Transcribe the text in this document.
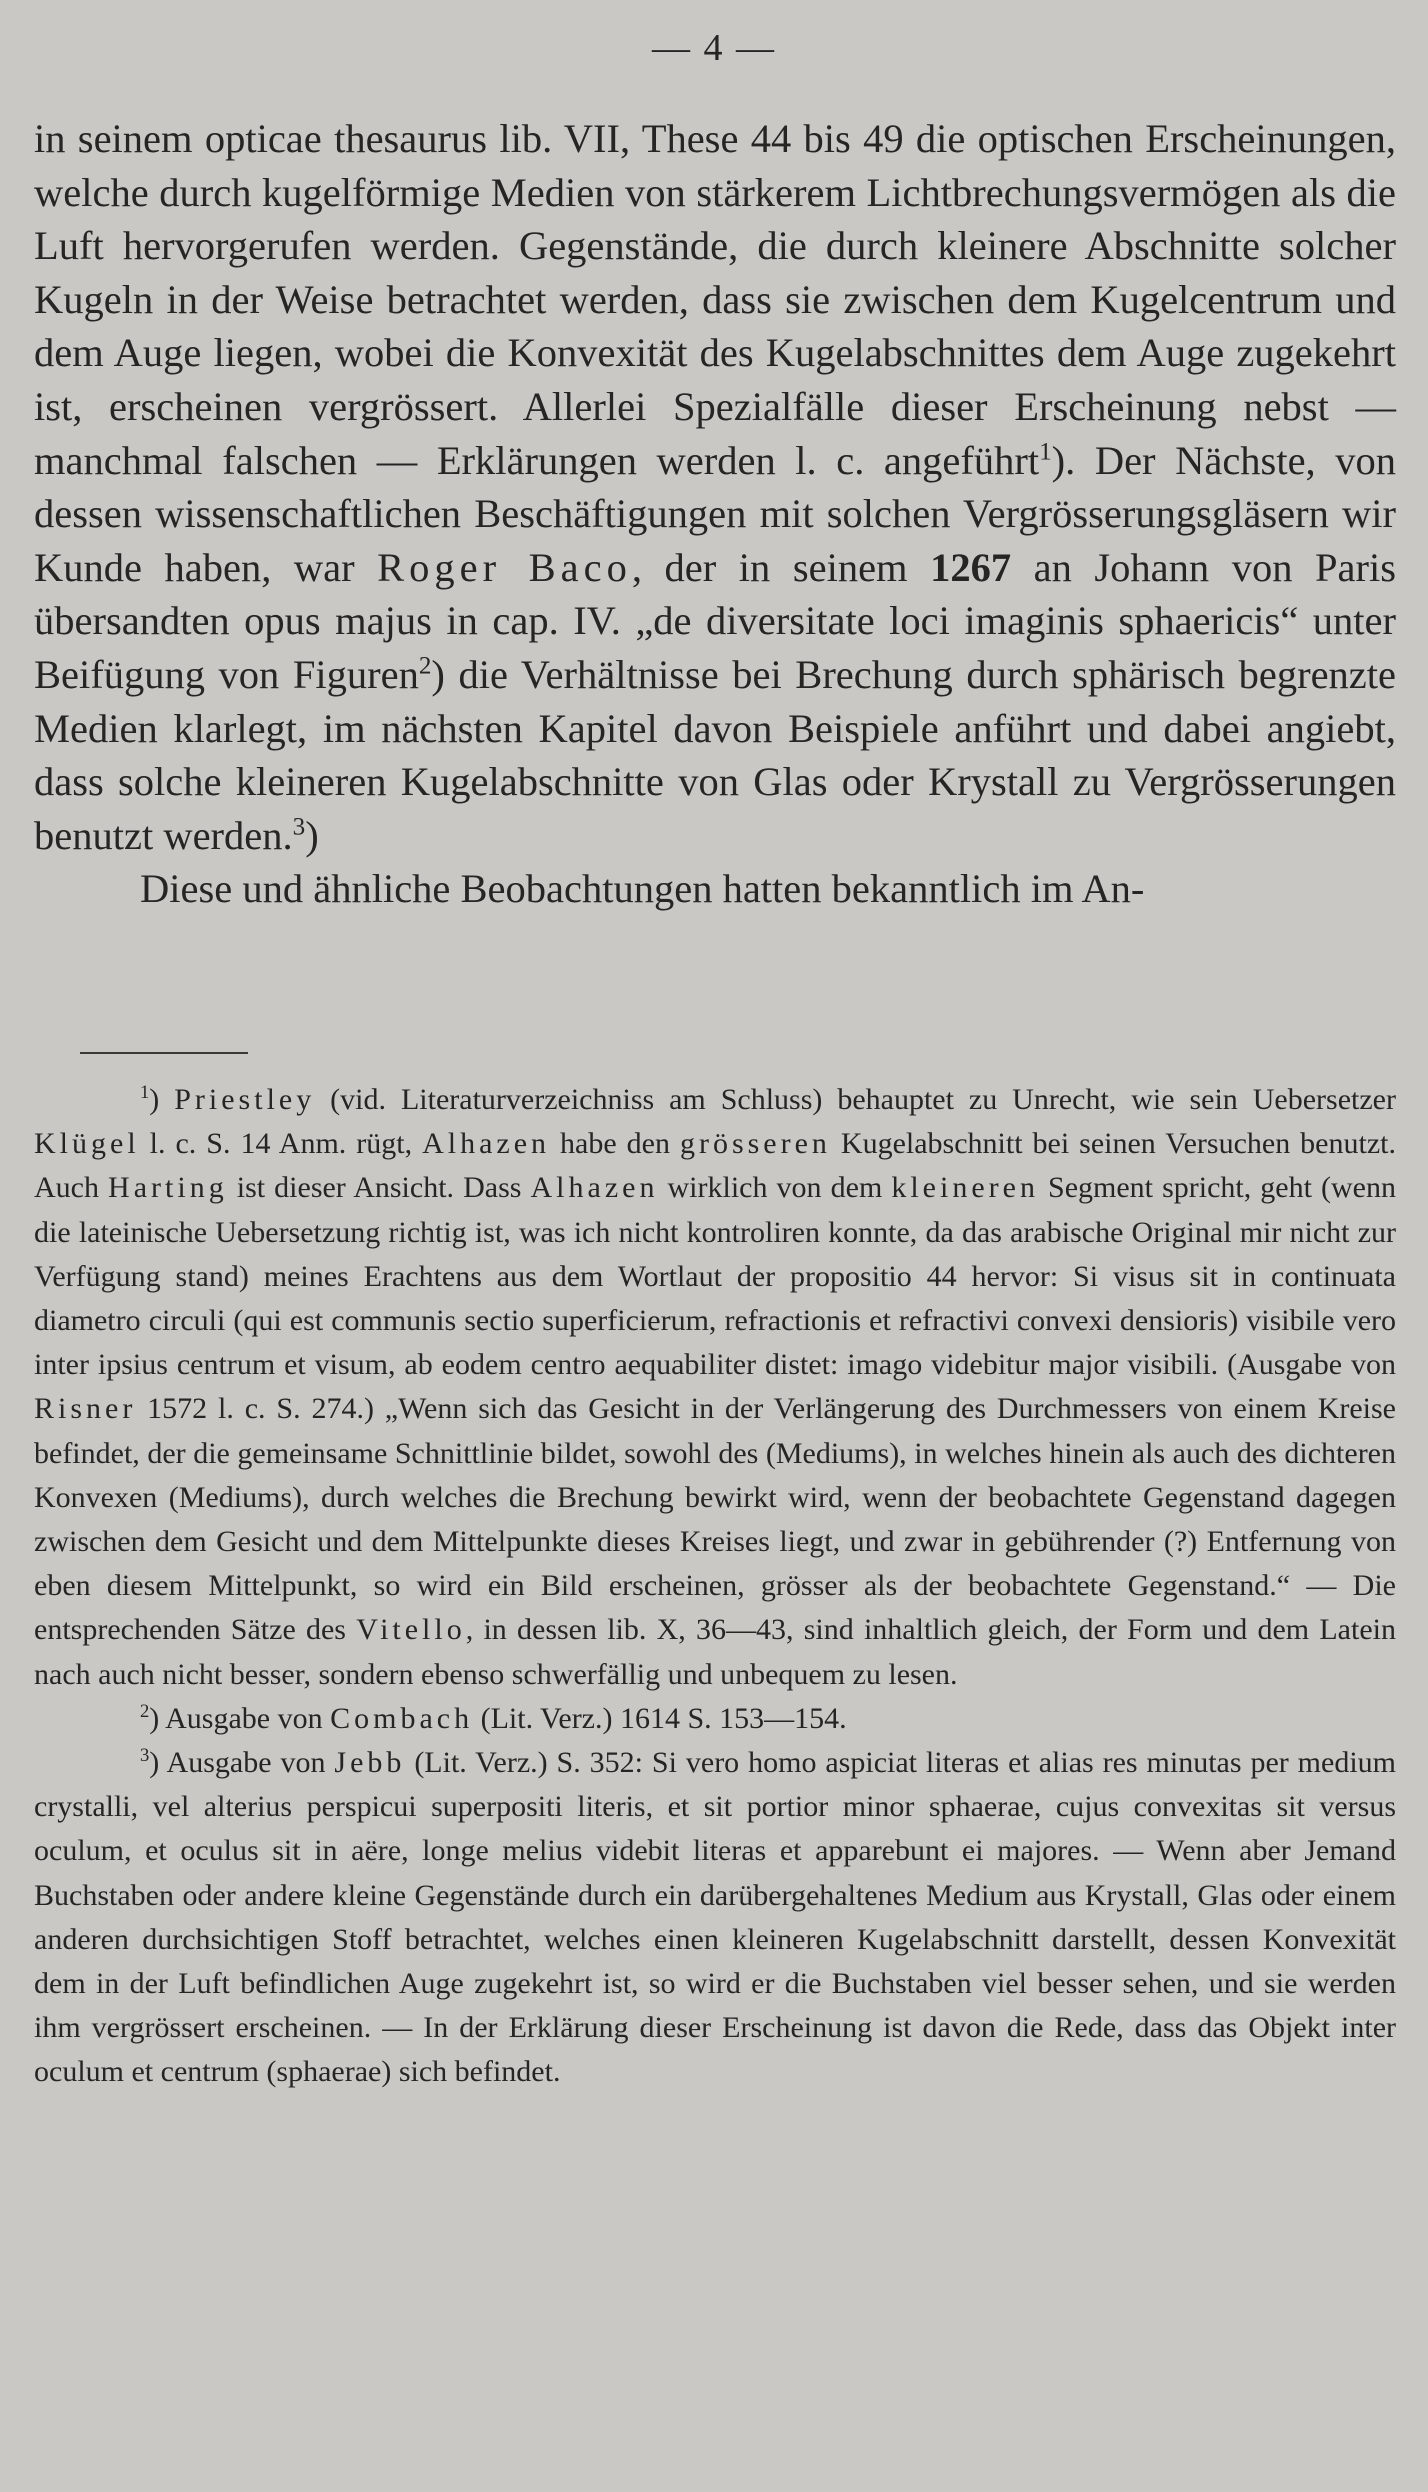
— 4 —

in seinem opticae thesaurus lib. VII, These 44 bis 49 die optischen Erscheinungen, welche durch kugelförmige Medien von stärkerem Lichtbrechungsvermögen als die Luft hervorgerufen werden. Gegenstände, die durch kleinere Abschnitte solcher Kugeln in der Weise betrachtet werden, dass sie zwischen dem Kugelcentrum und dem Auge liegen, wobei die Konvexität des Kugelabschnittes dem Auge zugekehrt ist, erscheinen vergrössert. Allerlei Spezialfälle dieser Erscheinung nebst — manchmal falschen — Erklärungen werden l. c. angeführt$^1$). Der Nächste, von dessen wissenschaftlichen Beschäftigungen mit solchen Vergrösserungsgläsern wir Kunde haben, war Roger Baco, der in seinem 1267 an Johann von Paris übersandten opus majus in cap. IV. „de diversitate loci imaginis sphaericis“ unter Beifügung von Figuren$^2$) die Verhältnisse bei Brechung durch sphärisch begrenzte Medien klarlegt, im nächsten Kapitel davon Beispiele anführt und dabei angiebt, dass solche kleineren Kugelabschnitte von Glas oder Krystall zu Vergrösserungen benutzt werden.$^3$)

Diese und ähnliche Beobachtungen hatten bekanntlich im An-

$^1$) Priestley (vid. Literaturverzeichniss am Schluss) behauptet zu Unrecht, wie sein Uebersetzer Klügel l. c. S. 14 Anm. rügt, Alhazen habe den grösseren Kugelabschnitt bei seinen Versuchen benutzt. Auch Harting ist dieser Ansicht. Dass Alhazen wirklich von dem kleineren Segment spricht, geht (wenn die lateinische Uebersetzung richtig ist, was ich nicht kontroliren konnte, da das arabische Original mir nicht zur Verfügung stand) meines Erachtens aus dem Wortlaut der propositio 44 hervor: Si visus sit in continuata diametro circuli (qui est communis sectio superficierum, refractionis et refractivi convexi densioris) visibile vero inter ipsius centrum et visum, ab eodem centro aequabiliter distet: imago videbitur major visibili. (Ausgabe von Risner 1572 l. c. S. 274.) „Wenn sich das Gesicht in der Verlängerung des Durchmessers von einem Kreise befindet, der die gemeinsame Schnittlinie bildet, sowohl des (Mediums), in welches hinein als auch des dichteren Konvexen (Mediums), durch welches die Brechung bewirkt wird, wenn der beobachtete Gegenstand dagegen zwischen dem Gesicht und dem Mittelpunkte dieses Kreises liegt, und zwar in gebührender (?) Entfernung von eben diesem Mittelpunkt, so wird ein Bild erscheinen, grösser als der beobachtete Gegenstand.“ — Die entsprechenden Sätze des Vitello, in dessen lib. X, 36—43, sind inhaltlich gleich, der Form und dem Latein nach auch nicht besser, sondern ebenso schwerfällig und unbequem zu lesen.

$^2$) Ausgabe von Combach (Lit. Verz.) 1614 S. 153—154.

$^3$) Ausgabe von Jebb (Lit. Verz.) S. 352: Si vero homo aspiciat literas et alias res minutas per medium crystalli, vel alterius perspicui superpositi literis, et sit portior minor sphaerae, cujus convexitas sit versus oculum, et oculus sit in aëre, longe melius videbit literas et apparebunt ei majores. — Wenn aber Jemand Buchstaben oder andere kleine Gegenstände durch ein darübergehaltenes Medium aus Krystall, Glas oder einem anderen durchsichtigen Stoff betrachtet, welches einen kleineren Kugelabschnitt darstellt, dessen Konvexität dem in der Luft befindlichen Auge zugekehrt ist, so wird er die Buchstaben viel besser sehen, und sie werden ihm vergrössert erscheinen. — In der Erklärung dieser Erscheinung ist davon die Rede, dass das Objekt inter oculum et centrum (sphaerae) sich befindet.
